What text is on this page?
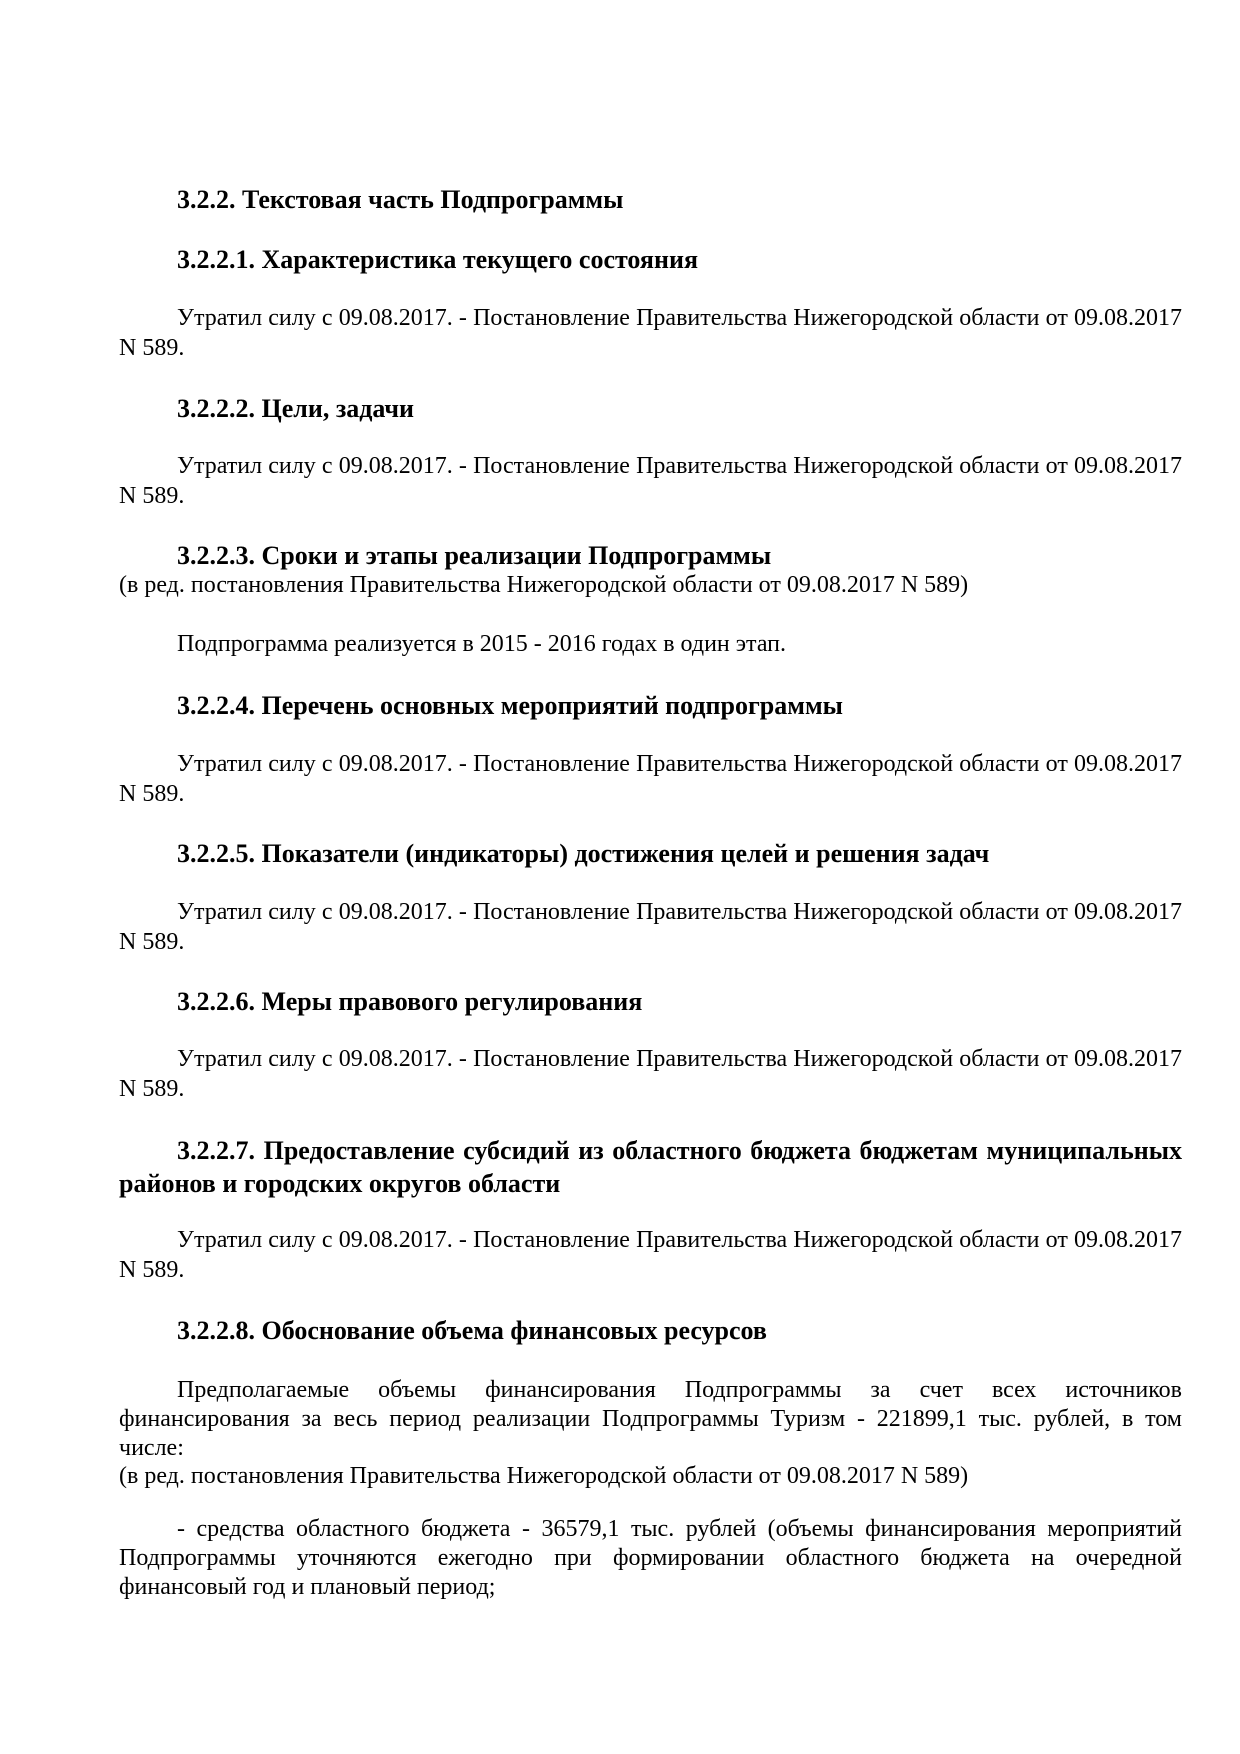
3.2.2. Текстовая часть Подпрограммы
3.2.2.1. Характеристика текущего состояния
Утратил силу с 09.08.2017. - Постановление Правительства Нижегородской области от 09.08.2017 N 589.
3.2.2.2. Цели, задачи
Утратил силу с 09.08.2017. - Постановление Правительства Нижегородской области от 09.08.2017 N 589.
3.2.2.3. Сроки и этапы реализации Подпрограммы
(в ред. постановления Правительства Нижегородской области от 09.08.2017 N 589)
Подпрограмма реализуется в 2015 - 2016 годах в один этап.
3.2.2.4. Перечень основных мероприятий подпрограммы
Утратил силу с 09.08.2017. - Постановление Правительства Нижегородской области от 09.08.2017 N 589.
3.2.2.5. Показатели (индикаторы) достижения целей и решения задач
Утратил силу с 09.08.2017. - Постановление Правительства Нижегородской области от 09.08.2017 N 589.
3.2.2.6. Меры правового регулирования
Утратил силу с 09.08.2017. - Постановление Правительства Нижегородской области от 09.08.2017 N 589.
3.2.2.7. Предоставление субсидий из областного бюджета бюджетам муниципальных районов и городских округов области
Утратил силу с 09.08.2017. - Постановление Правительства Нижегородской области от 09.08.2017 N 589.
3.2.2.8. Обоснование объема финансовых ресурсов
Предполагаемые объемы финансирования Подпрограммы за счет всех источников финансирования за весь период реализации Подпрограммы Туризм - 221899,1 тыс. рублей, в том числе:
(в ред. постановления Правительства Нижегородской области от 09.08.2017 N 589)
- средства областного бюджета - 36579,1 тыс. рублей (объемы финансирования мероприятий Подпрограммы уточняются ежегодно при формировании областного бюджета на очередной финансовый год и плановый период;
